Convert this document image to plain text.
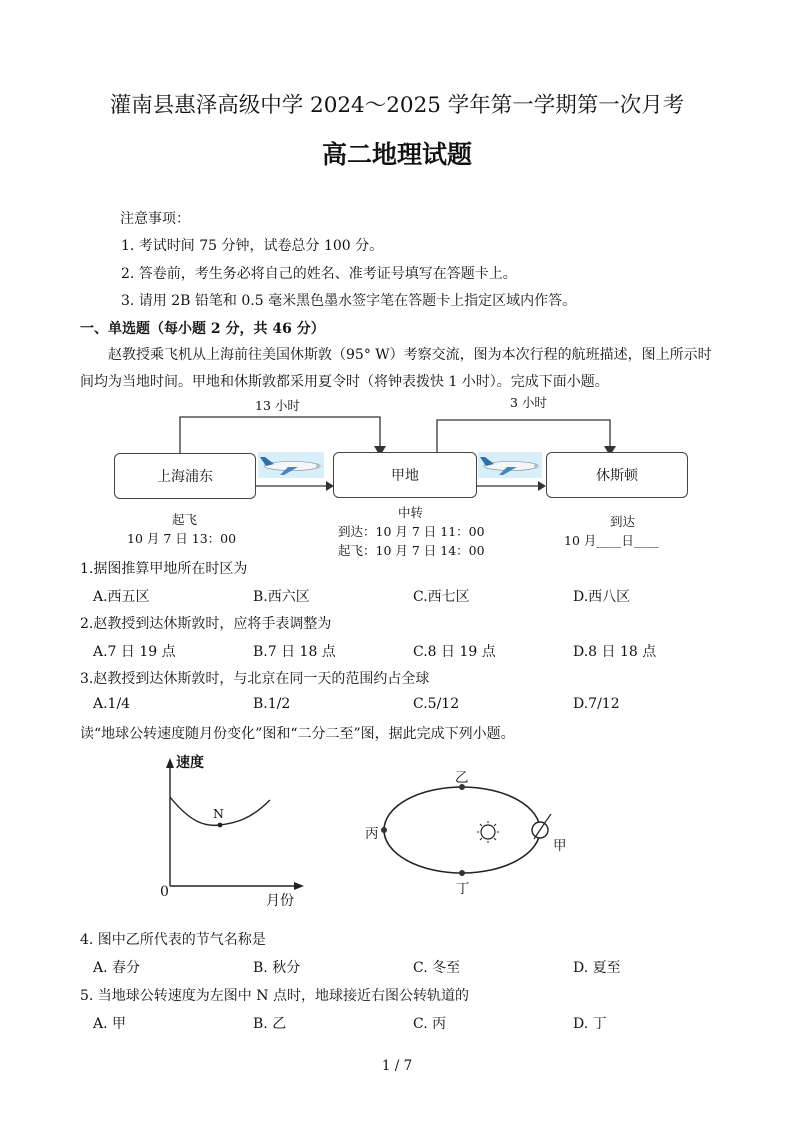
灌南县惠泽高级中学 2024～2025 学年第一学期第一次月考
高二地理试题
注意事项：
1. 考试时间 75 分钟，试卷总分 100 分。
2. 答卷前，考生务必将自己的姓名、准考证号填写在答题卡上。
3. 请用 2B 铅笔和 0.5 毫米黑色墨水签字笔在答题卡上指定区域内作答。
一、单选题（每小题 2 分，共 46 分）
赵教授乘飞机从上海前往美国休斯敦（95° W）考察交流，图为本次行程的航班描述，图上所示时间均为当地时间。甲地和休斯敦都采用夏令时（将钟表拨快 1 小时）。完成下面小题。
13 小时	3 小时
上海浦东	甲地	休斯顿
起飞
10 月 7 日 13：00
中转
到达：10 月 7 日 11：00
起飞：10 月 7 日 14：00
到达
10 月____日____
1.据图推算甲地所在时区为
A.西五区	B.西六区	C.西七区	D.西八区
2.赵教授到达休斯敦时，应将手表调整为
A.7 日 19 点	B.7 日 18 点	C.8 日 19 点	D.8 日 18 点
3.赵教授到达休斯敦时，与北京在同一天的范围约占全球
A.1/4	B.1/2	C.5/12	D.7/12
读“地球公转速度随月份变化”图和“二分二至”图，据此完成下列小题。
速度
月份
0
N
乙
丙
丁
甲
4. 图中乙所代表的节气名称是
A. 春分	B. 秋分	C. 冬至	D. 夏至
5. 当地球公转速度为左图中 N 点时，地球接近右图公转轨道的
A. 甲	B. 乙	C. 丙	D. 丁
1 / 7
